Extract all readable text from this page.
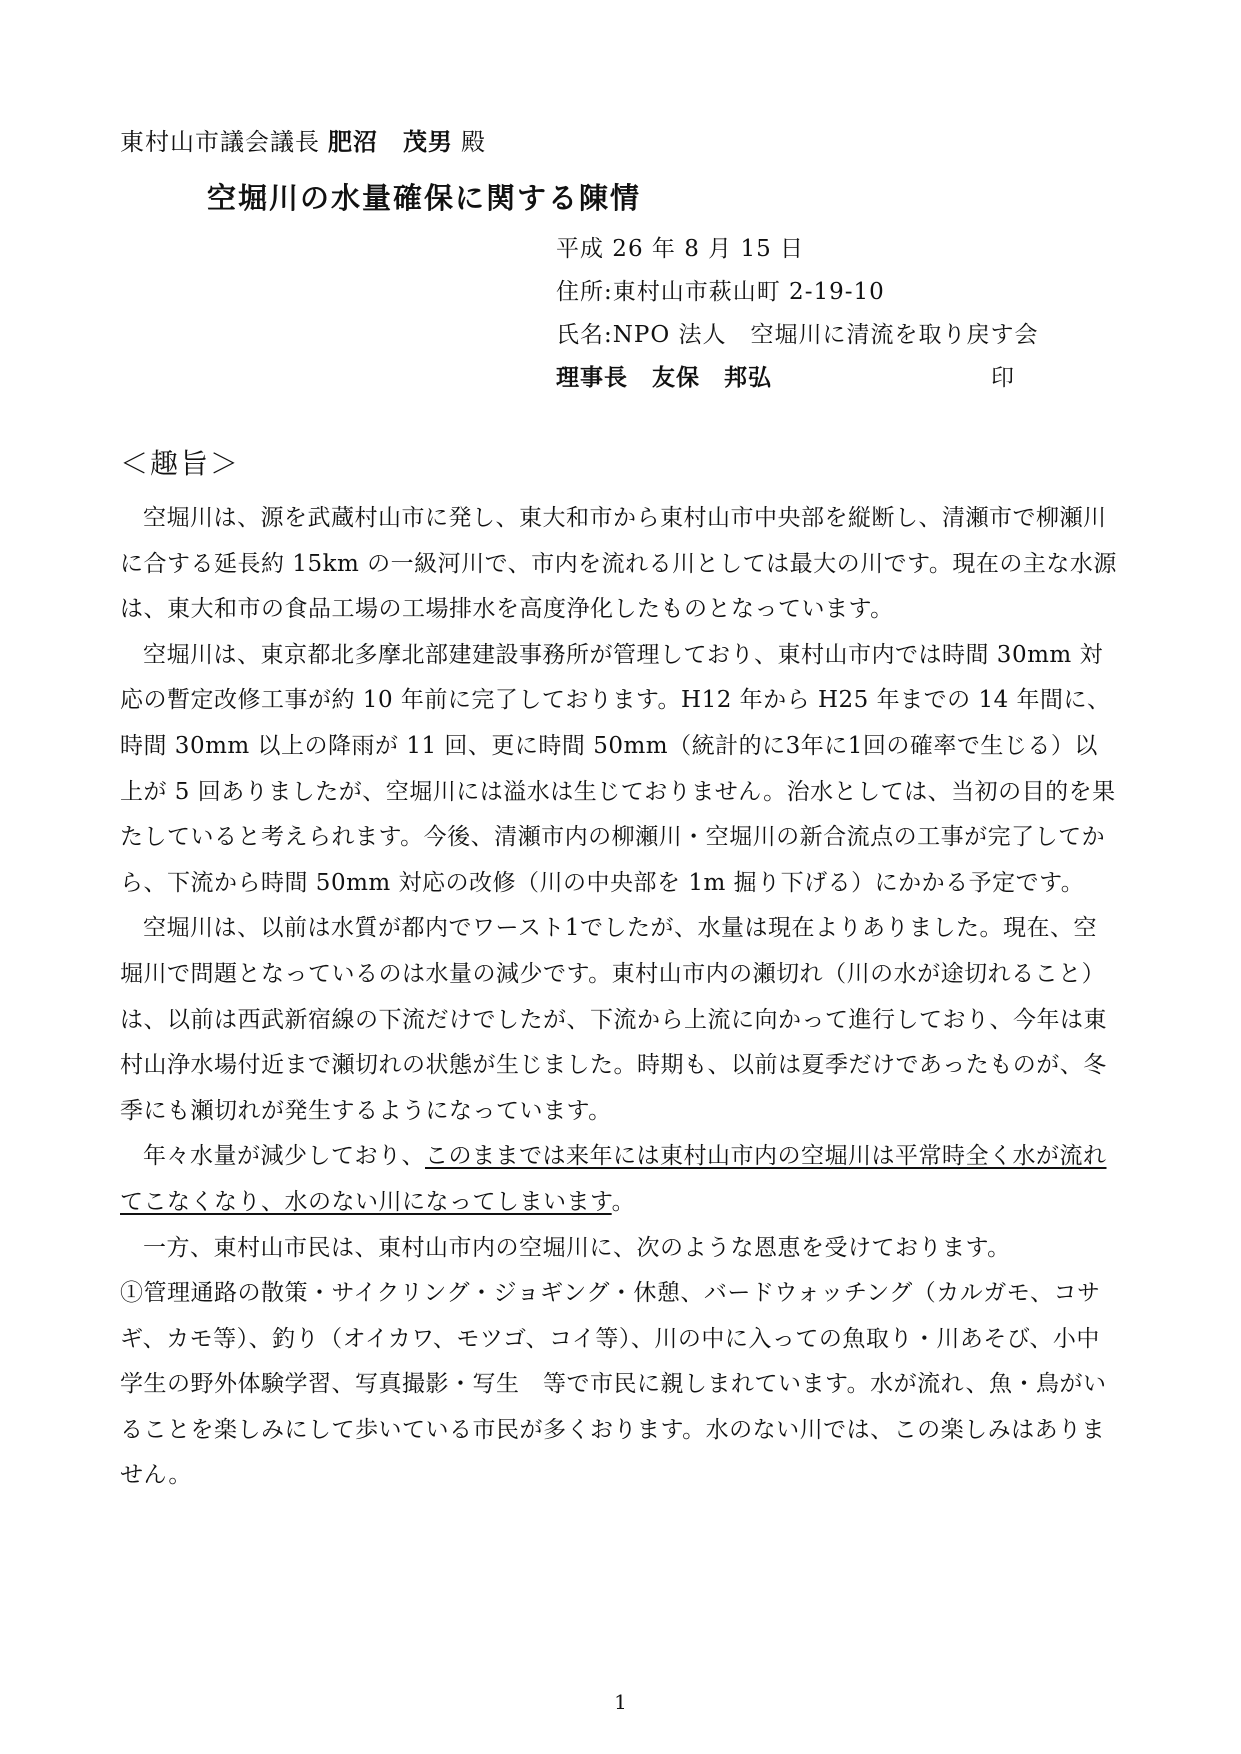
東村山市議会議長 肥沼　茂男 殿
空堀川の水量確保に関する陳情
平成 26 年 8 月 15 日
住所:東村山市萩山町 2-19-10
氏名:NPO 法人　空堀川に清流を取り戻す会
理事長　友保　邦弘	印
＜趣旨＞

空堀川は、源を武蔵村山市に発し、東大和市から東村山市中央部を縦断し、清瀬市で柳瀬川に合する延長約 15km の一級河川で、市内を流れる川としては最大の川です。現在の主な水源は、東大和市の食品工場の工場排水を高度浄化したものとなっています。

空堀川は、東京都北多摩北部建建設事務所が管理しており、東村山市内では時間 30mm 対応の暫定改修工事が約 10 年前に完了しております。H12 年から H25 年までの 14 年間に、時間 30mm 以上の降雨が 11 回、更に時間 50mm（統計的に3年に1回の確率で生じる）以上が 5 回ありましたが、空堀川には溢水は生じておりません。治水としては、当初の目的を果たしていると考えられます。今後、清瀬市内の柳瀬川・空堀川の新合流点の工事が完了してから、下流から時間 50mm 対応の改修（川の中央部を 1m 掘り下げる）にかかる予定です。

空堀川は、以前は水質が都内でワースト1でしたが、水量は現在よりありました。現在、空堀川で問題となっているのは水量の減少です。東村山市内の瀬切れ（川の水が途切れること）は、以前は西武新宿線の下流だけでしたが、下流から上流に向かって進行しており、今年は東村山浄水場付近まで瀬切れの状態が生じました。時期も、以前は夏季だけであったものが、冬季にも瀬切れが発生するようになっています。

年々水量が減少しており、このままでは来年には東村山市内の空堀川は平常時全く水が流れてこなくなり、水のない川になってしまいます。

一方、東村山市民は、東村山市内の空堀川に、次のような恩恵を受けております。

①管理通路の散策・サイクリング・ジョギング・休憩、バードウォッチング（カルガモ、コサギ、カモ等）、釣り（オイカワ、モツゴ、コイ等）、川の中に入っての魚取り・川あそび、小中学生の野外体験学習、写真撮影・写生　等で市民に親しまれています。水が流れ、魚・鳥がいることを楽しみにして歩いている市民が多くおります。水のない川では、この楽しみはありません。

1
